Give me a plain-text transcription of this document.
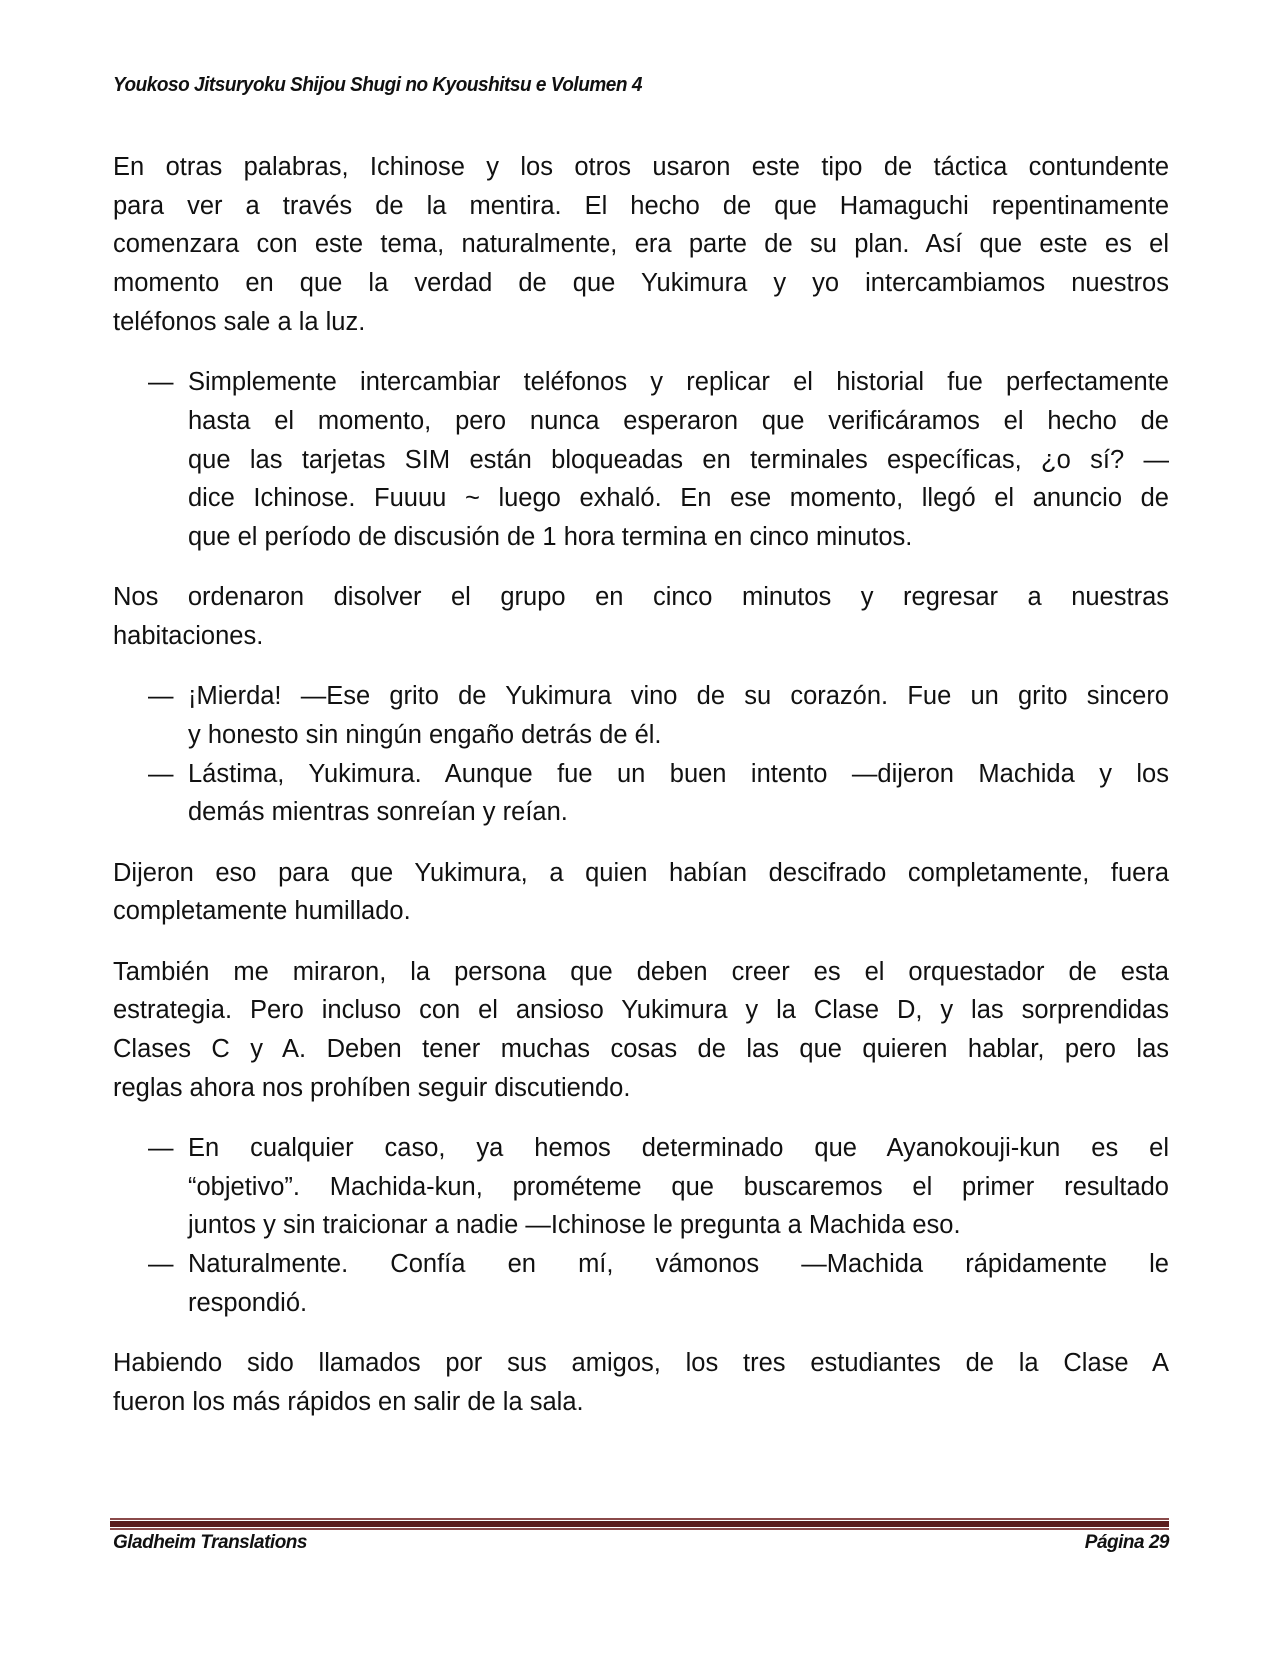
Youkoso Jitsuryoku Shijou Shugi no Kyoushitsu e Volumen 4
En otras palabras, Ichinose y los otros usaron este tipo de táctica contundente
para ver a través de la mentira. El hecho de que Hamaguchi repentinamente
comenzara con este tema, naturalmente, era parte de su plan. Así que este es el
momento en que la verdad de que Yukimura y yo intercambiamos nuestros
teléfonos sale a la luz.
— Simplemente intercambiar teléfonos y replicar el historial fue perfectamente
hasta el momento, pero nunca esperaron que verificáramos el hecho de
que las tarjetas SIM están bloqueadas en terminales específicas, ¿o sí? —
dice Ichinose. Fuuuu ~ luego exhaló. En ese momento, llegó el anuncio de
que el período de discusión de 1 hora termina en cinco minutos.
Nos ordenaron disolver el grupo en cinco minutos y regresar a nuestras
habitaciones.
— ¡Mierda! —Ese grito de Yukimura vino de su corazón. Fue un grito sincero
y honesto sin ningún engaño detrás de él.
— Lástima, Yukimura. Aunque fue un buen intento —dijeron Machida y los
demás mientras sonreían y reían.
Dijeron eso para que Yukimura, a quien habían descifrado completamente, fuera
completamente humillado.
También me miraron, la persona que deben creer es el orquestador de esta
estrategia. Pero incluso con el ansioso Yukimura y la Clase D, y las sorprendidas
Clases C y A. Deben tener muchas cosas de las que quieren hablar, pero las
reglas ahora nos prohíben seguir discutiendo.
— En cualquier caso, ya hemos determinado que Ayanokouji-kun es el
“objetivo”. Machida-kun, prométeme que buscaremos el primer resultado
juntos y sin traicionar a nadie —Ichinose le pregunta a Machida eso.
— Naturalmente. Confía en mí, vámonos —Machida rápidamente le
respondió.
Habiendo sido llamados por sus amigos, los tres estudiantes de la Clase A
fueron los más rápidos en salir de la sala.
Gladheim Translations	Página 29
